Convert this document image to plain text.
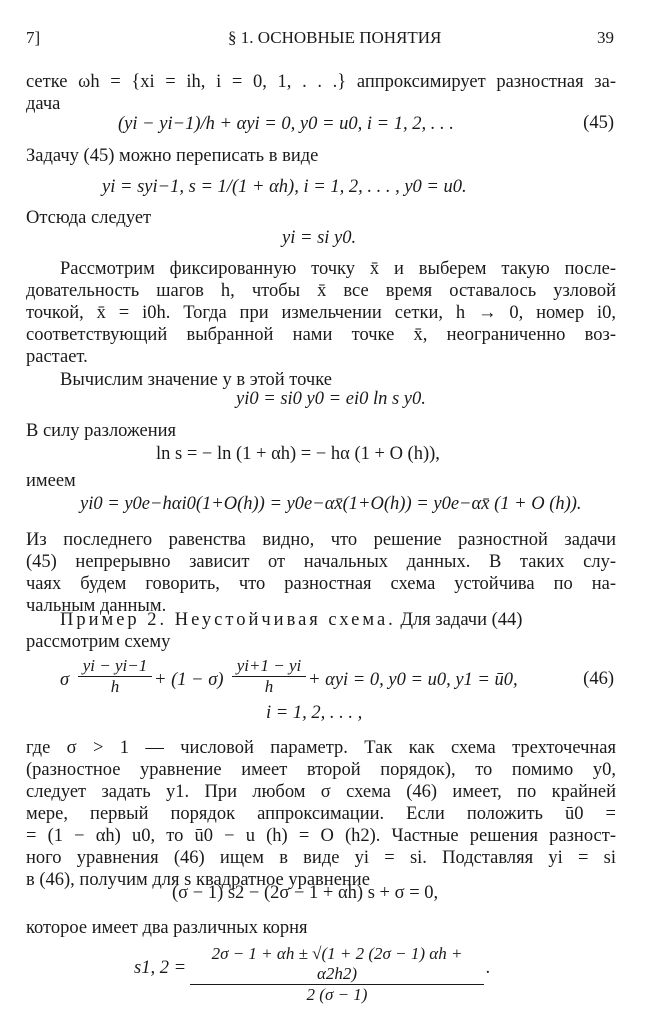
7]	§ 1. ОСНОВНЫЕ ПОНЯТИЯ	39
сетке ωh = {xi = ih, i = 0, 1, . . .} аппроксимирует разностная за-
дача
(yi − yi−1)/h + αyi = 0, y0 = u0, i = 1, 2, . . .	(45)
Задачу (45) можно переписать в виде
yi = syi−1, s = 1/(1 + αh), i = 1, 2, . . . , y0 = u0.
Отсюда следует
yi = si y0.
Рассмотрим фиксированную точку x̄ и выберем такую после-
довательность шагов h, чтобы x̄ все время оставалось узловой
точкой, x̄ = i0h. Тогда при измельчении сетки, h → 0, номер i0,
соответствующий выбранной нами точке x̄, неограниченно воз-
растает.
Вычислим значение y в этой точке
yi0 = si0 y0 = ei0 ln s y0.
В силу разложения
ln s = − ln (1 + αh) = − hα (1 + O (h)),
имеем
yi0 = y0e−hαi0(1+O(h)) = y0e−αx̄(1+O(h)) = y0e−αx̄ (1 + O (h)).
Из последнего равенства видно, что решение разностной задачи
(45) непрерывно зависит от начальных данных. В таких слу-
чаях будем говорить, что разностная схема устойчива по на-
чальным данным.
Пример 2. Неустойчивая схема. Для задачи (44)
рассмотрим схему
σ $\frac{yi - yi-1}{h} + (1 - \sigma) \frac{yi+1 - yi}{h} + \alpha yi = 0$, y0 = u0, y1 = ū0,	(46)
i = 1, 2, . . . ,
где σ > 1 — числовой параметр. Так как схема трехточечная
(разностное уравнение имеет второй порядок), то помимо y0,
следует задать y1. При любом σ схема (46) имеет, по крайней
мере, первый порядок аппроксимации. Если положить ū0 =
= (1 − αh) u0, то ū0 − u (h) = O (h2). Частные решения разност-
ного уравнения (46) ищем в виде yi = si. Подставляя yi = si
в (46), получим для s квадратное уравнение
(σ − 1) s2 − (2σ − 1 + αh) s + σ = 0,
которое имеет два различных корня
s1, $2 = \frac{2\sigma - 1 + \alpha h \pm √(1 + 2 (2\sigma - 1) \alpha h + \alpha 2h2)}{2 (\sigma - 1)}$ .
